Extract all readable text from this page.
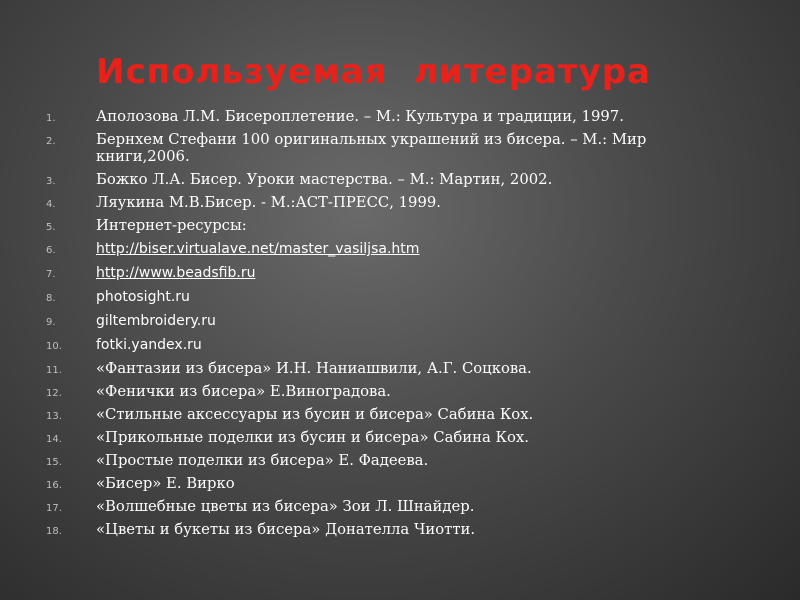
Используемая  литература
1.	Аполозова Л.М. Бисероплетение. – М.: Культура и традиции, 1997.
2.	Бернхем Стефани 100 оригинальных украшений из бисера. – М.: Мир книги,2006.
3.	Божко Л.А. Бисер. Уроки мастерства. – М.: Мартин, 2002.
4.	Ляукина М.В.Бисер. - М.:АСТ-ПРЕСС, 1999.
5.	Интернет-ресурсы:
6.	http://biser.virtualave.net/master_vasiljsa.htm
7.	http://www.beadsfib.ru
8.	photosight.ru
9.	giltembroidery.ru
10.	fotki.yandex.ru
11.	«Фантазии из бисера» И.Н. Наниашвили, А.Г. Соцкова.
12.	«Фенички из бисера» Е.Виноградова.
13.	«Стильные аксессуары из бусин и бисера» Сабина Кох.
14.	«Прикольные поделки из бусин и бисера» Сабина Кох.
15.	«Простые поделки из бисера» Е. Фадеева.
16.	«Бисер» Е. Вирко
17.	«Волшебные цветы из бисера» Зои Л. Шнайдер.
18.	«Цветы и букеты из бисера» Донателла Чиотти.
